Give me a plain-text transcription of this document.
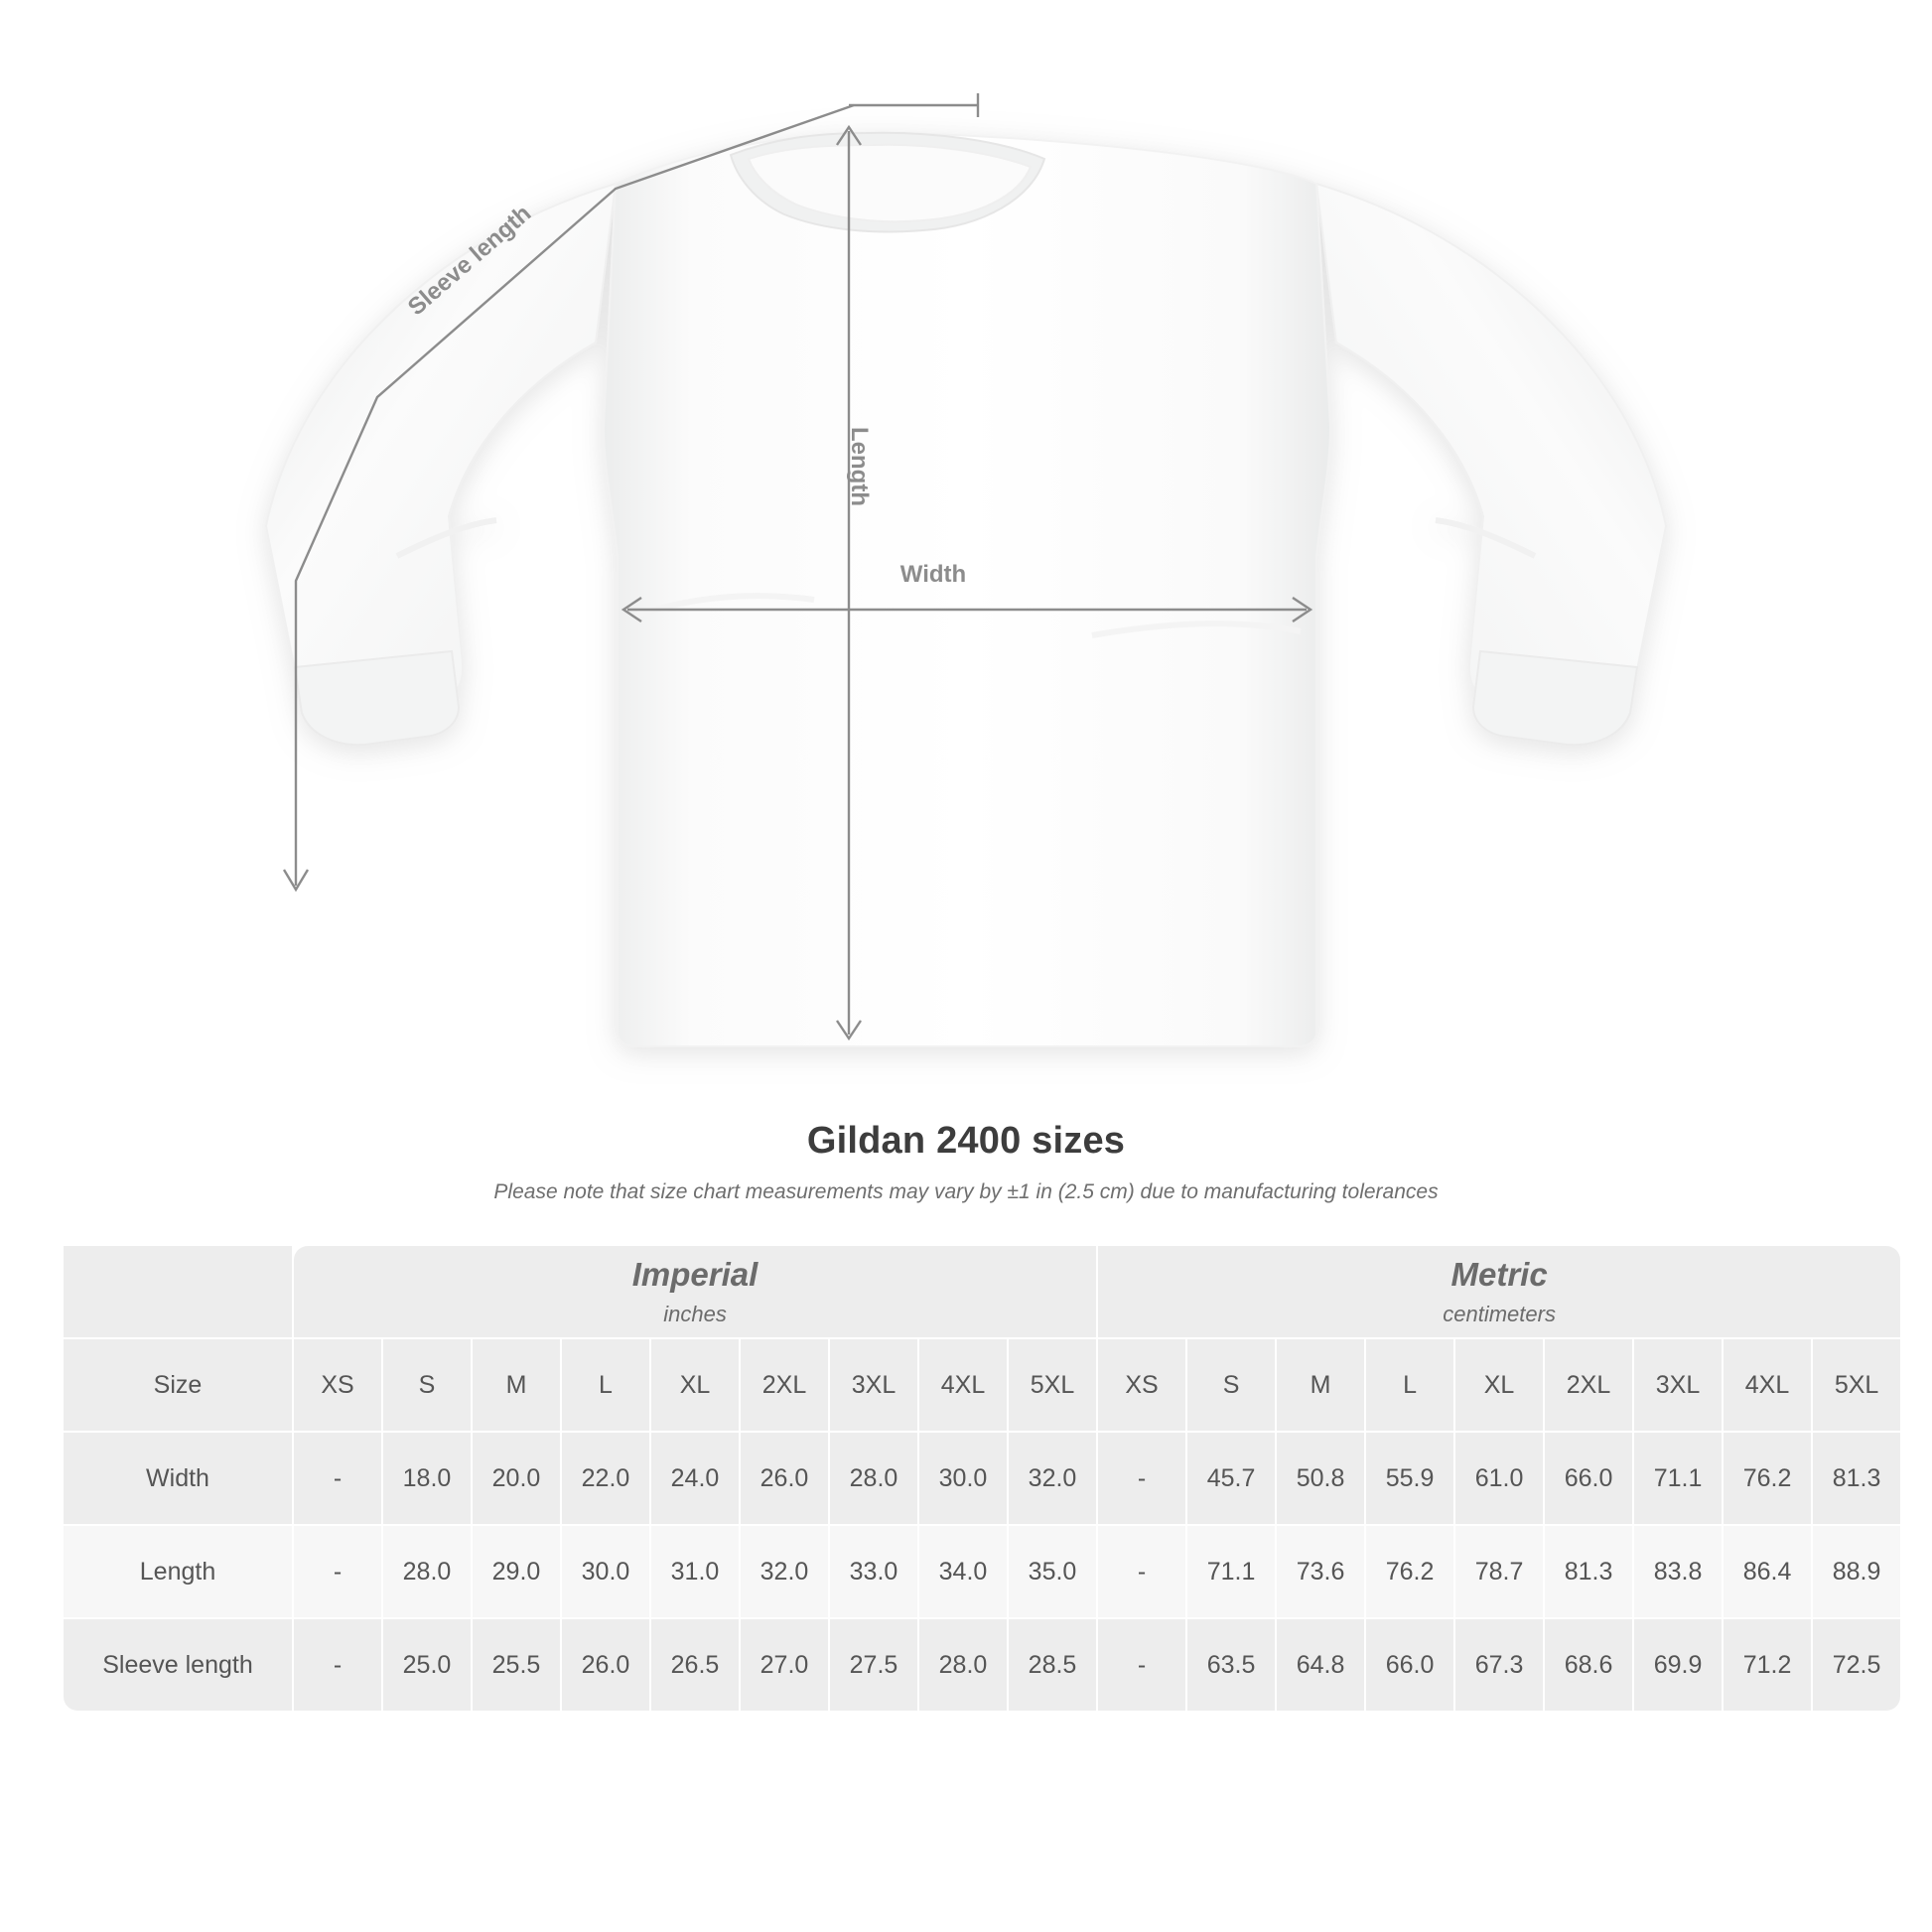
Length
Width
Sleeve length
Gildan 2400 sizes
Please note that size chart measurements may vary by ±1 in (2.5 cm) due to manufacturing tolerances

Imperial
inches

Metric
centimeters

Size	XS	S	M	L	XL	2XL	3XL	4XL	5XL	XS	S	M	L	XL	2XL	3XL	4XL	5XL
Width	-	18.0	20.0	22.0	24.0	26.0	28.0	30.0	32.0	-	45.7	50.8	55.9	61.0	66.0	71.1	76.2	81.3
Length	-	28.0	29.0	30.0	31.0	32.0	33.0	34.0	35.0	-	71.1	73.6	76.2	78.7	81.3	83.8	86.4	88.9
Sleeve length	-	25.0	25.5	26.0	26.5	27.0	27.5	28.0	28.5	-	63.5	64.8	66.0	67.3	68.6	69.9	71.2	72.5
